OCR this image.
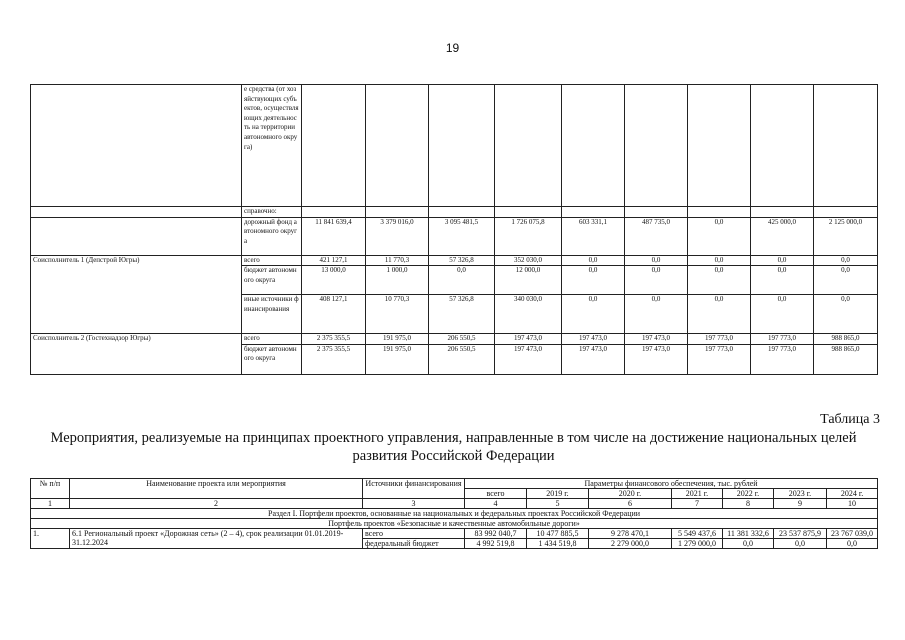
19
	е средства (от хозяйствующих субъектов, осуществляющих деятельность на территории автономного округа)									
	справочно:									
	дорожный фонд автономного округа	11 841 639,4	3 379 016,0	3 095 481,5	1 726 075,8	603 331,1	487 735,0	0,0	425 000,0	2 125 000,0
Соисполнитель 1 (Депстрой Югры)	всего	421 127,1	11 770,3	57 326,8	352 030,0	0,0	0,0	0,0	0,0	0,0
	бюджет автономного округа	13 000,0	1 000,0	0,0	12 000,0	0,0	0,0	0,0	0,0	0,0
	иные источники финансирования	408 127,1	10 770,3	57 326,8	340 030,0	0,0	0,0	0,0	0,0	0,0
Соисполнитель 2 (Гостехнадзор Югры)	всего	2 375 355,5	191 975,0	206 550,5	197 473,0	197 473,0	197 473,0	197 773,0	197 773,0	988 865,0
	бюджет автономного округа	2 375 355,5	191 975,0	206 550,5	197 473,0	197 473,0	197 473,0	197 773,0	197 773,0	988 865,0
Таблица 3
Мероприятия, реализуемые на принципах проектного управления, направленные в том числе на достижение национальных целей развития Российской Федерации
№ п/п	Наименование проекта или мероприятия	Источники финансирования	Параметры финансового обеспечения, тыс. рублей						
			всего	2019 г.	2020 г.	2021 г.	2022 г.	2023 г.	2024 г.
1	2	3	4	5	6	7	8	9	10
Раздел I. Портфели проектов, основанные на национальных и федеральных проектах Российской Федерации									
Портфель проектов «Безопасные и качественные автомобильные дороги»									
1.	6.1 Региональный проект «Дорожная сеть» (2 – 4), срок реализации 01.01.2019-31.12.2024	всего	83 992 040,7	10 477 885,5	9 278 470,1	5 549 437,6	11 381 332,6	23 537 875,9	23 767 039,0
		федеральный бюджет	4 992 519,8	1 434 519,8	2 279 000,0	1 279 000,0	0,0	0,0	0,0
